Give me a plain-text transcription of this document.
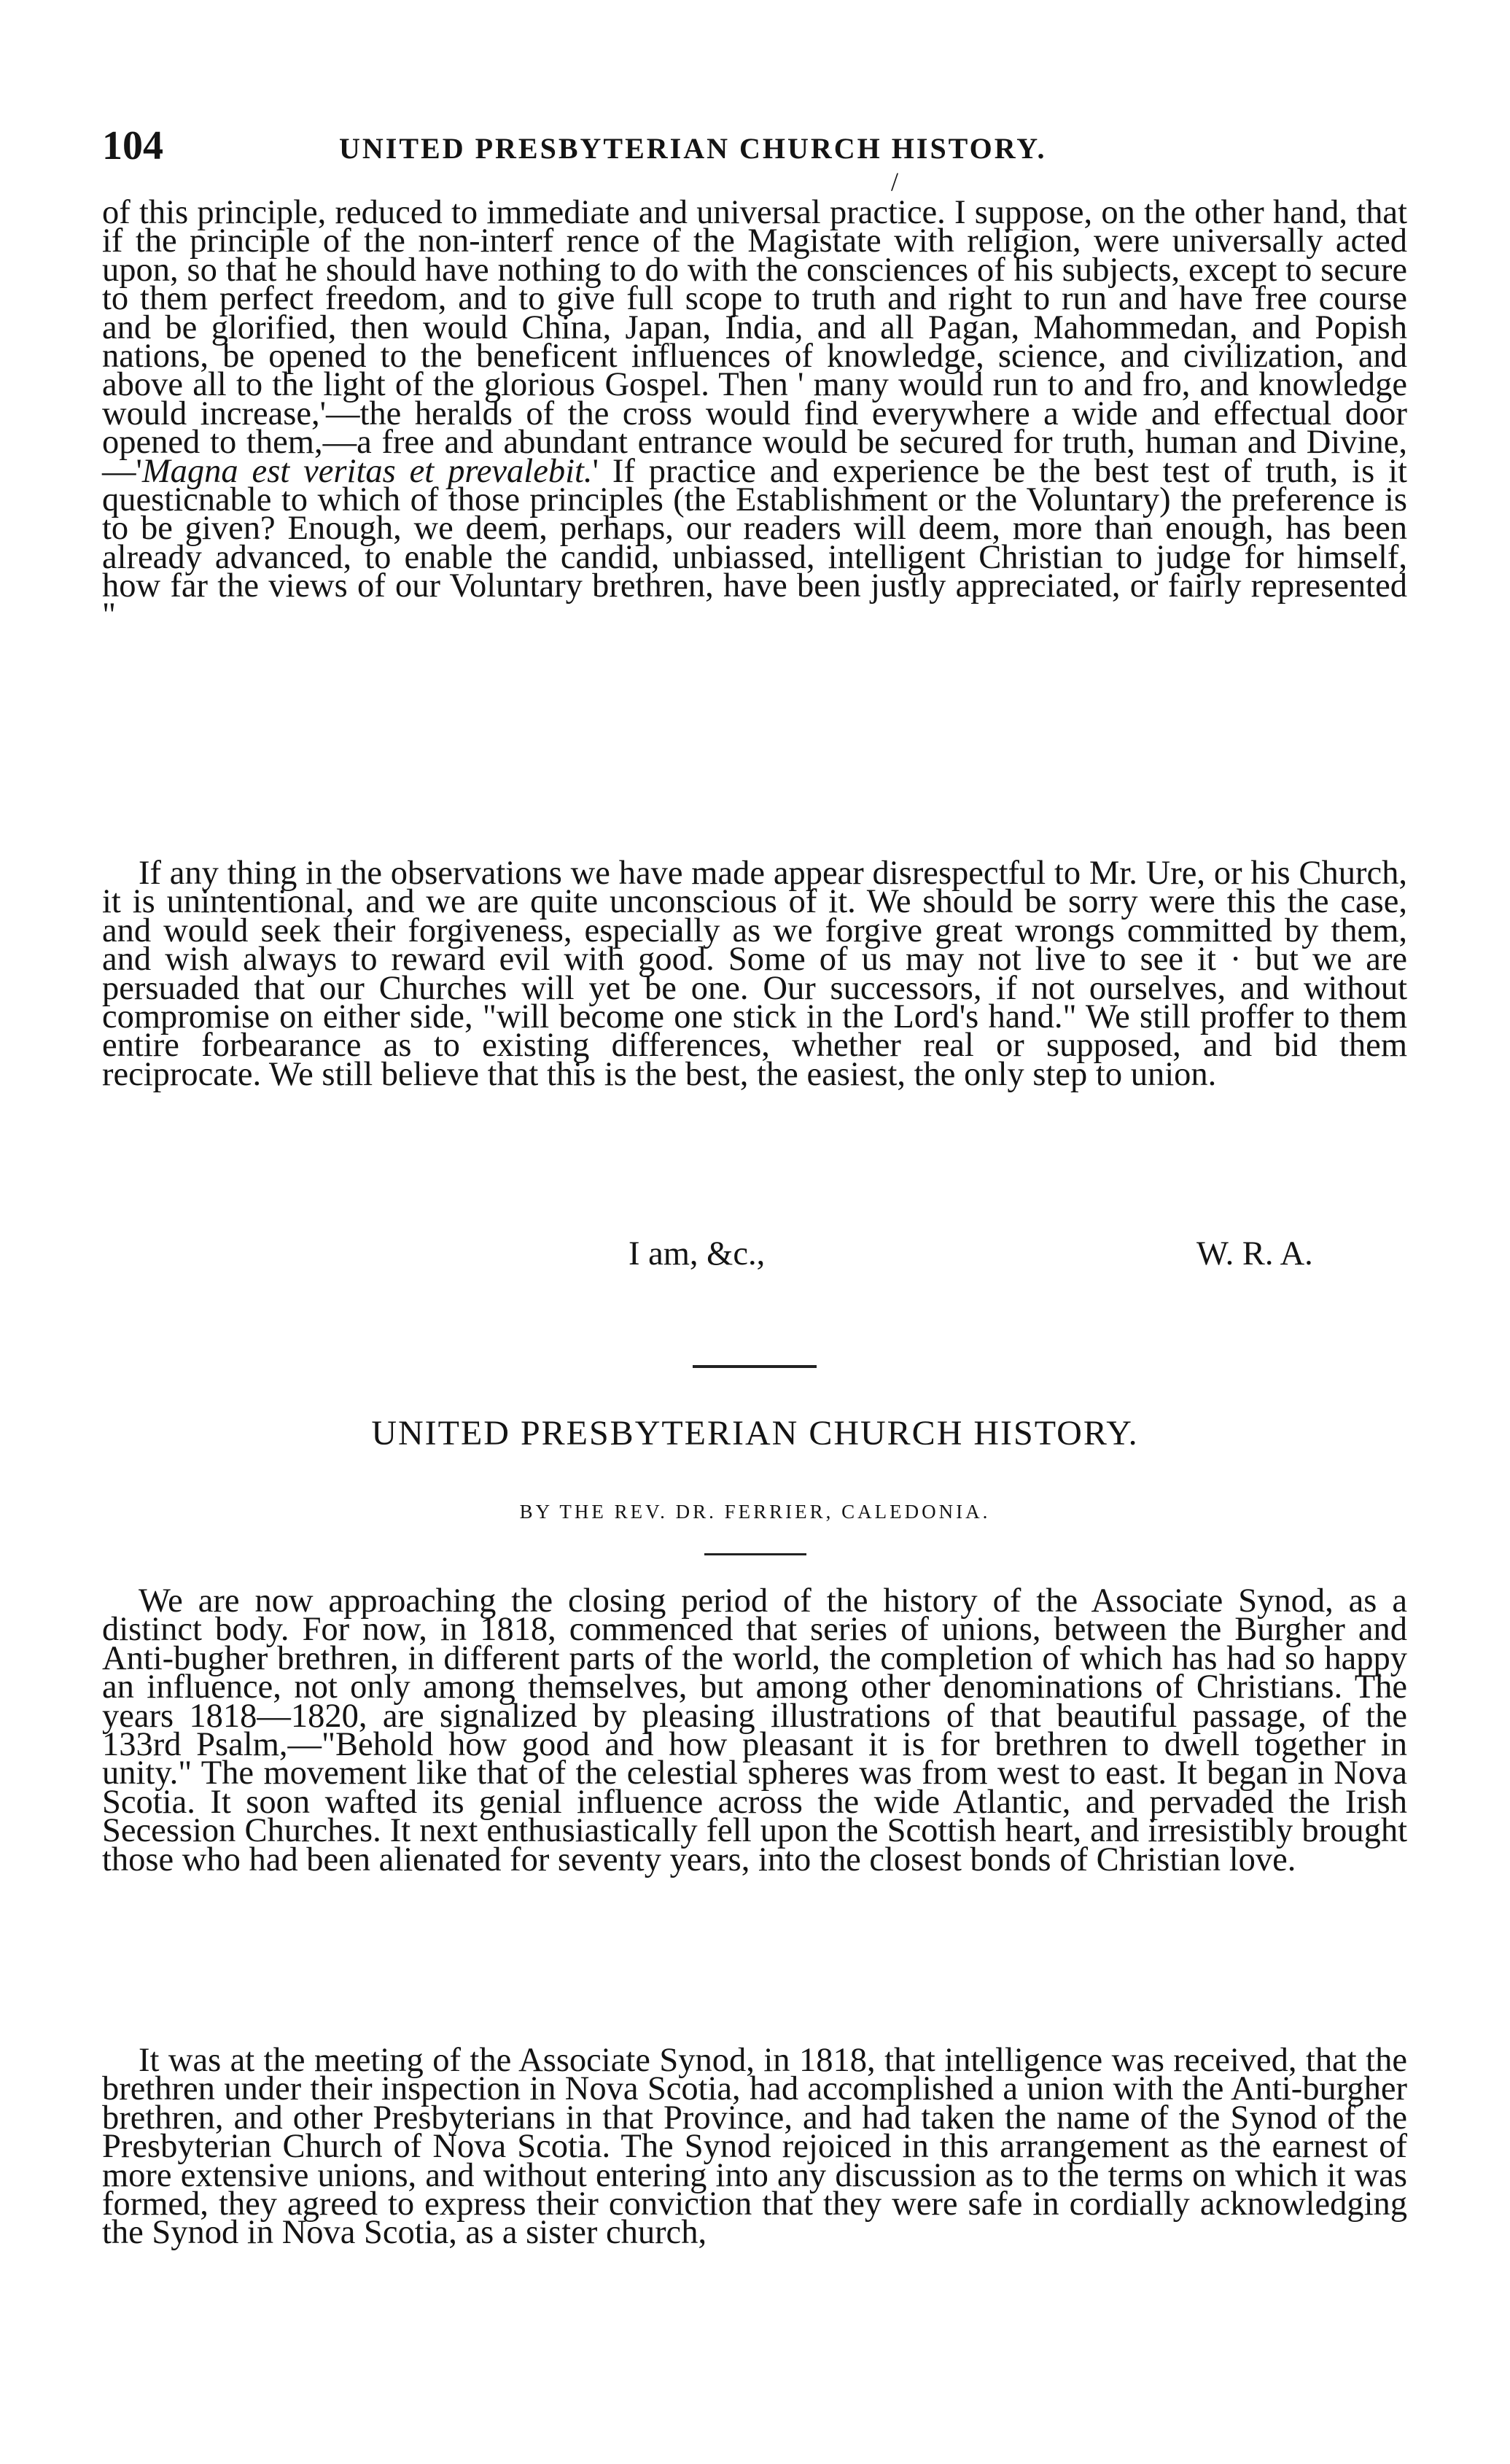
104	UNITED PRESBYTERIAN CHURCH HISTORY.
/

of this principle, reduced to immediate and universal practice. I suppose, on the other hand, that if the principle of the non-interf rence of the Magistate with religion, were universally acted upon, so that he should have nothing to do with the consciences of his subjects, except to secure to them perfect freedom, and to give full scope to truth and right to run and have free course and be glorified, then would China, Japan, India, and all Pagan, Mahommedan, and Popish nations, be opened to the beneficent influences of knowledge, science, and civilization, and above all to the light of the glorious Gospel. Then ' many would run to and fro, and knowledge would increase,'—the heralds of the cross would find everywhere a wide and effectual door opened to them,—a free and abundant entrance would be secured for truth, human and Divine,—'Magna est veritas et prevalebit.' If practice and experience be the best test of truth, is it questicnable to which of those principles (the Establishment or the Voluntary) the preference is to be given? Enough, we deem, perhaps, our readers will deem, more than enough, has been already advanced, to enable the candid, unbiassed, intelligent Christian to judge for himself, how far the views of our Voluntary brethren, have been justly appreciated, or fairly represented "

If any thing in the observations we have made appear disrespectful to Mr. Ure, or his Church, it is unintentional, and we are quite unconscious of it. We should be sorry were this the case, and would seek their forgiveness, especially as we forgive great wrongs committed by them, and wish always to reward evil with good. Some of us may not live to see it · but we are persuaded that our Churches will yet be one. Our successors, if not ourselves, and without compromise on either side, "will become one stick in the Lord's hand." We still proffer to them entire forbearance as to existing differences, whether real or supposed, and bid them reciprocate. We still believe that this is the best, the easiest, the only step to union.

I am, &c.,	W. R. A.
UNITED PRESBYTERIAN CHURCH HISTORY.
BY THE REV. DR. FERRIER, CALEDONIA.

We are now approaching the closing period of the history of the Associate Synod, as a distinct body. For now, in 1818, commenced that series of unions, between the Burgher and Anti-bugher brethren, in different parts of the world, the completion of which has had so happy an influence, not only among themselves, but among other denominations of Christians. The years 1818—1820, are signalized by pleasing illustrations of that beautiful passage, of the 133rd Psalm,—"Behold how good and how pleasant it is for brethren to dwell together in unity." The movement like that of the celestial spheres was from west to east. It began in Nova Scotia. It soon wafted its genial influence across the wide Atlantic, and pervaded the Irish Secession Churches. It next enthusiastically fell upon the Scottish heart, and irresistibly brought those who had been alienated for seventy years, into the closest bonds of Christian love.

It was at the meeting of the Associate Synod, in 1818, that intelligence was received, that the brethren under their inspection in Nova Scotia, had accomplished a union with the Anti-burgher brethren, and other Presbyterians in that Province, and had taken the name of the Synod of the Presbyterian Church of Nova Scotia. The Synod rejoiced in this arrangement as the earnest of more extensive unions, and without entering into any discussion as to the terms on which it was formed, they agreed to express their conviction that they were safe in cordially acknowledging the Synod in Nova Scotia, as a sister church,
